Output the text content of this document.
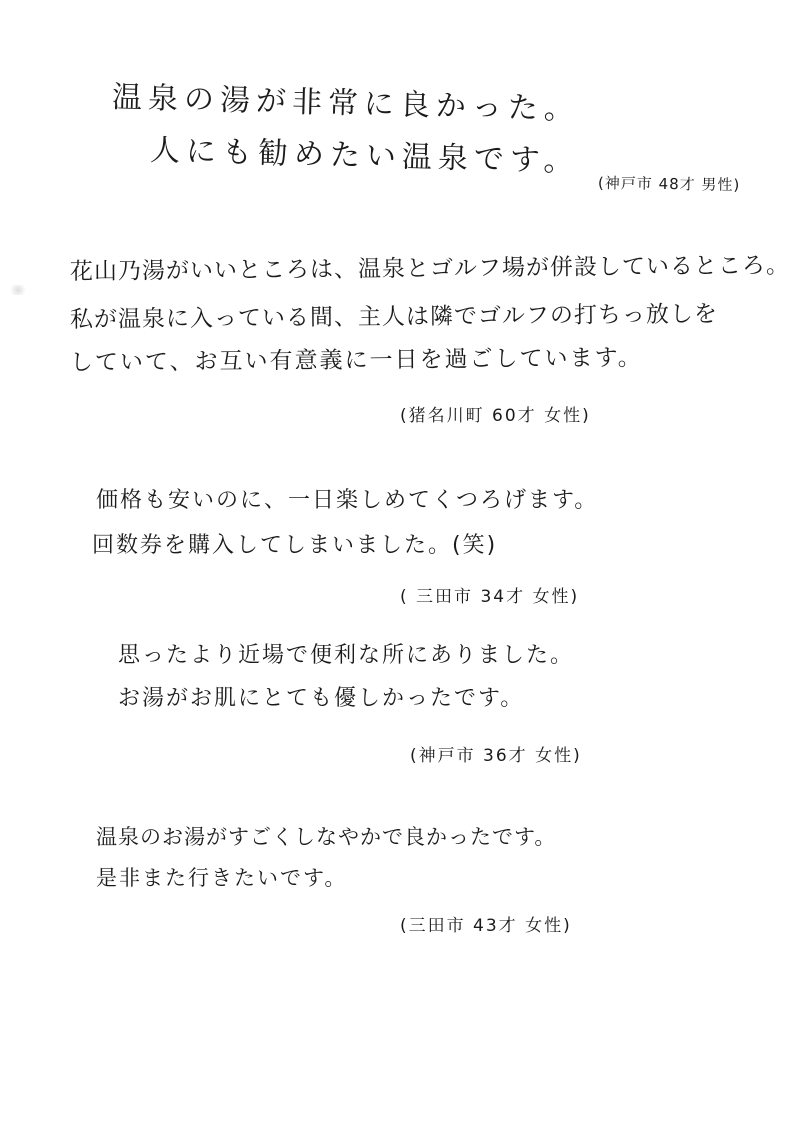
温泉の湯が非常に良かった。
人にも勧めたい温泉です。
(神戸市 48才 男性)
花山乃湯がいいところは、温泉とゴルフ場が併設しているところ。
私が温泉に入っている間、主人は隣でゴルフの打ちっ放しを
していて、お互い有意義に一日を過ごしています。
(猪名川町 60才 女性)
価格も安いのに、一日楽しめてくつろげます。
回数券を購入してしまいました。(笑)
( 三田市 34才 女性)
思ったより近場で便利な所にありました。
お湯がお肌にとても優しかったです。
(神戸市 36才 女性)
温泉のお湯がすごくしなやかで良かったです。
是非また行きたいです。
(三田市 43才 女性)
